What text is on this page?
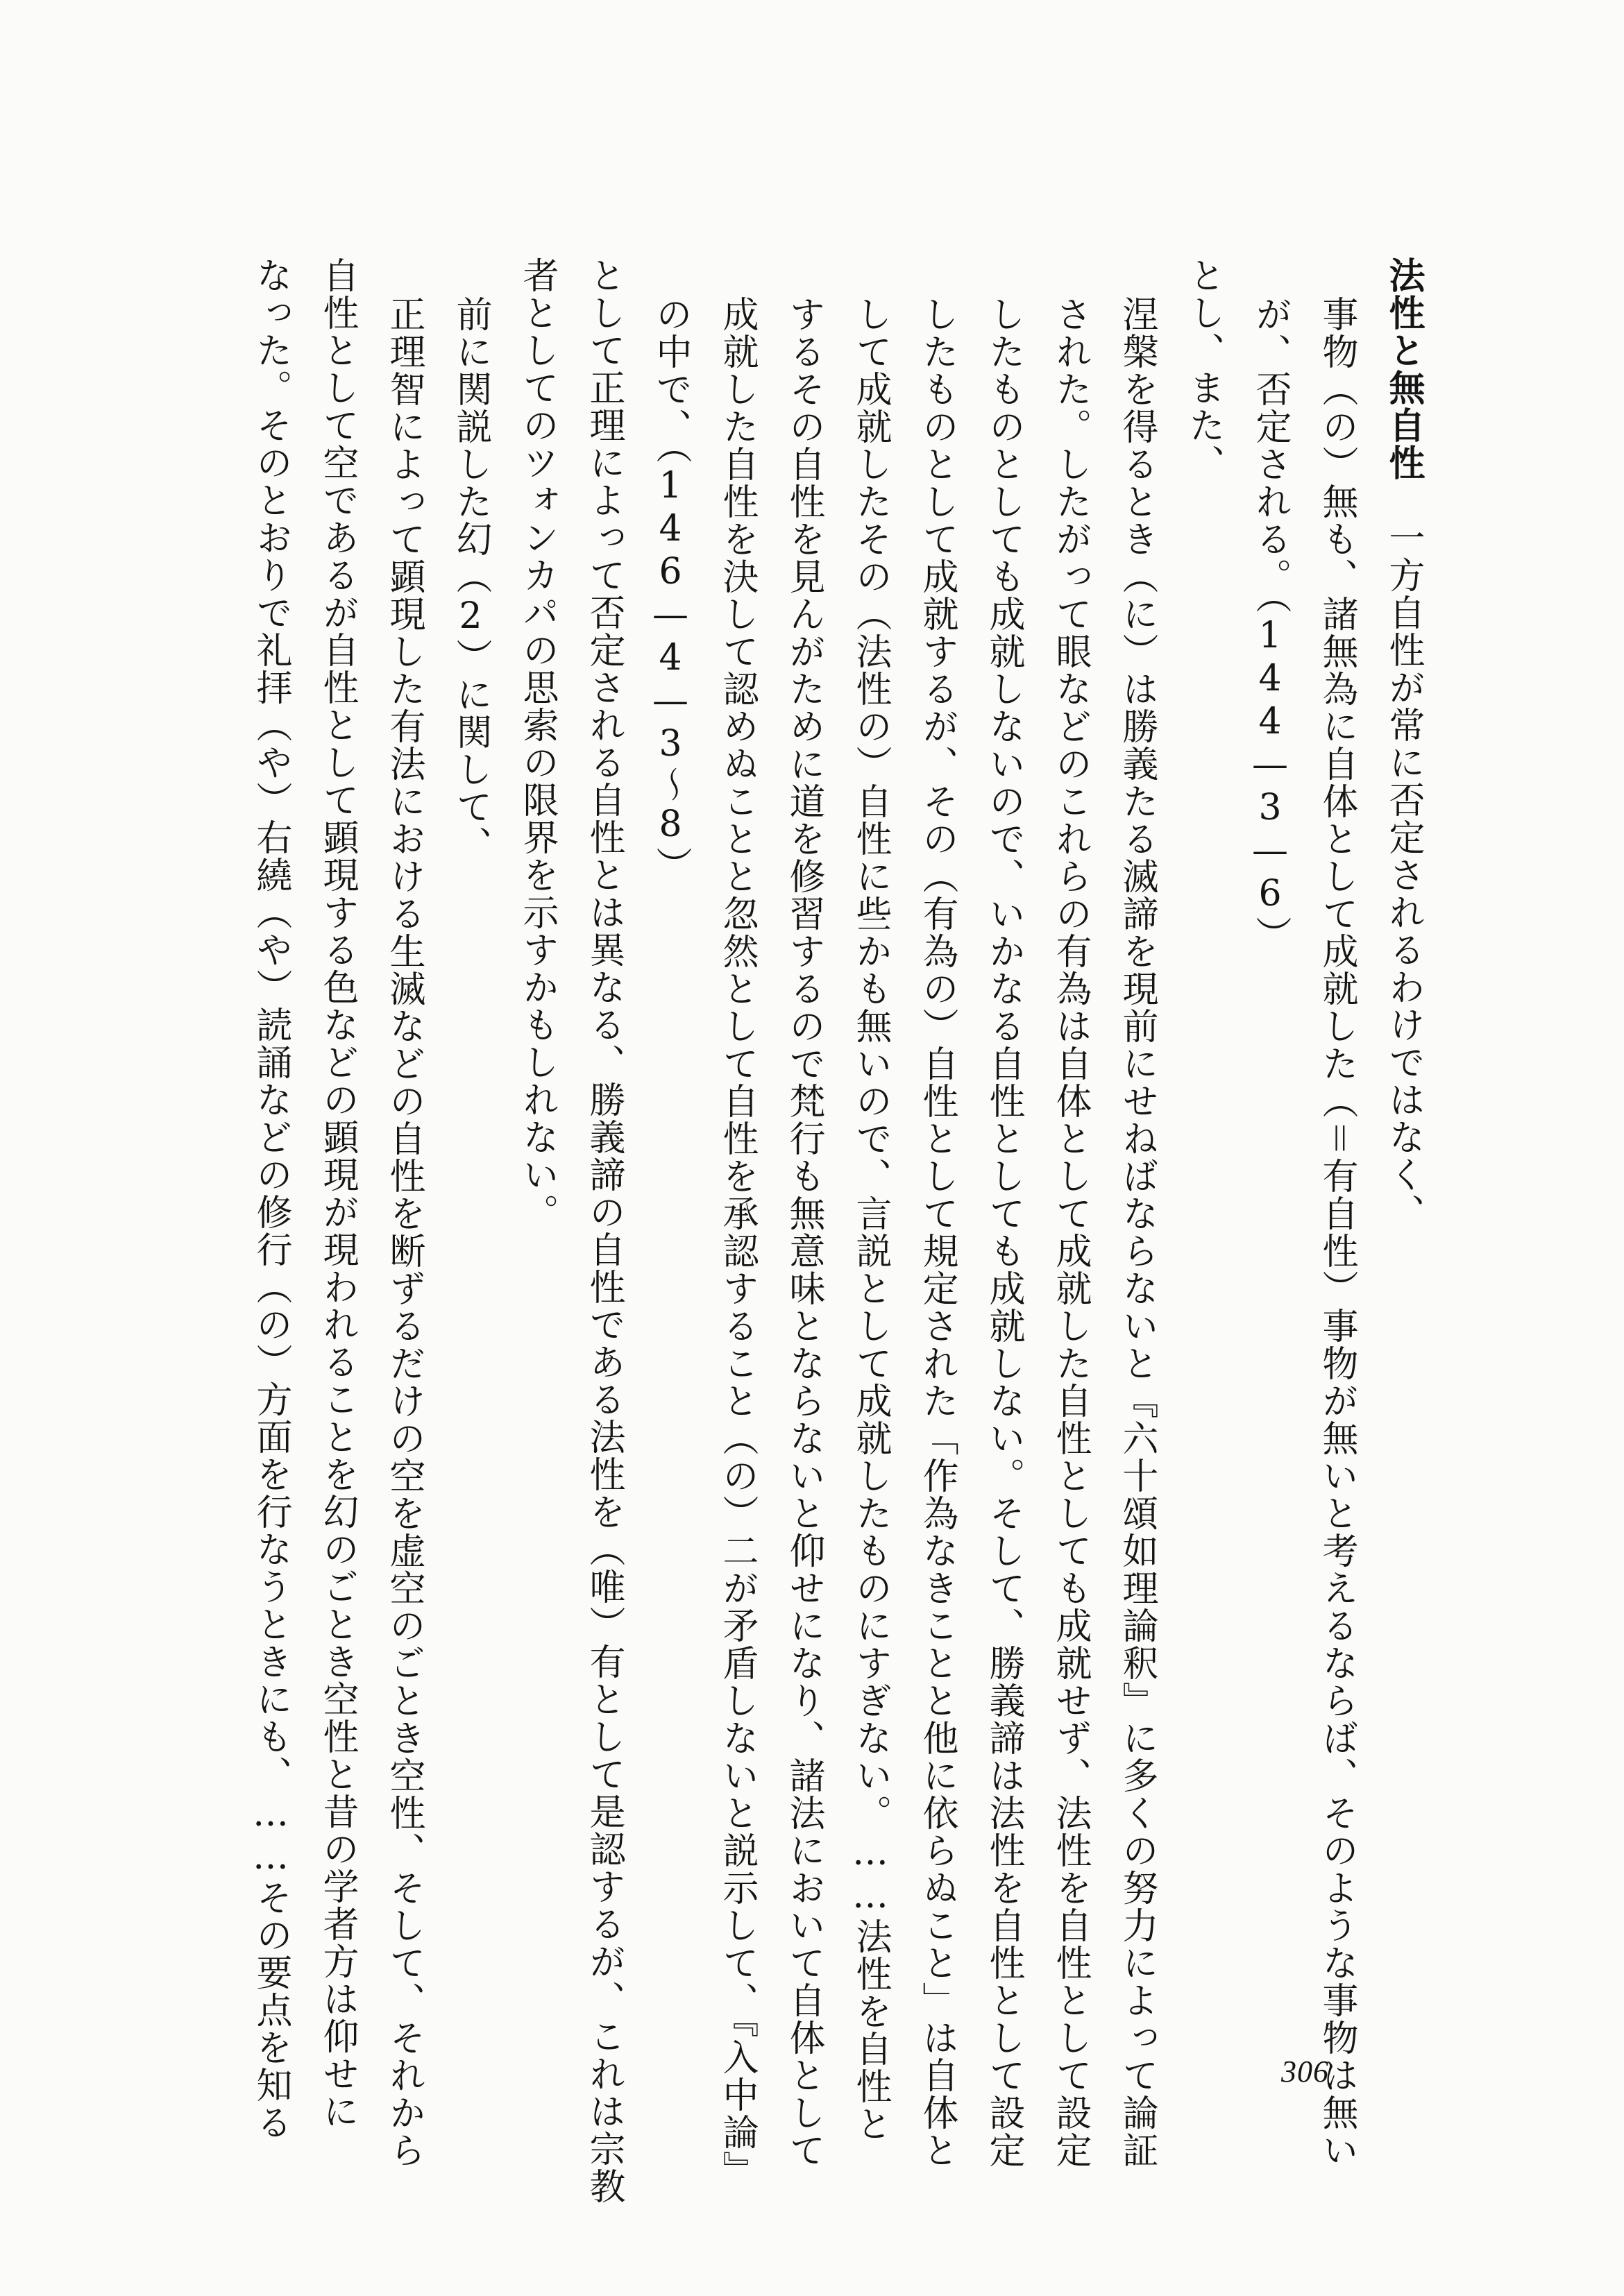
法性と無自性　一方自性が常に否定されるわけではなく、
事物（の）無も、諸無為に自体として成就した（＝有自性）事物が無いと考えるならば、そのような事物は無い
が、否定される。（144—3—6）
とし、また、
涅槃を得るとき（に）は勝義たる滅諦を現前にせねばならないと『六十頌如理論釈』に多くの努力によって論証
された。したがって眼などのこれらの有為は自体として成就した自性としても成就せず、法性を自性として設定
したものとしても成就しないので、いかなる自性としても成就しない。そして、勝義諦は法性を自性として設定
したものとして成就するが、その（有為の）自性として規定された「作為なきことと他に依らぬこと」は自体と
して成就したその（法性の）自性に些かも無いので、言説として成就したものにすぎない。……法性を自性と
するその自性を見んがために道を修習するので梵行も無意味とならないと仰せになり、諸法において自体として
成就した自性を決して認めぬことと忽然として自性を承認すること（の）二が矛盾しないと説示して、『入中論』
の中で、（146—4—3〜8）
として正理によって否定される自性とは異なる、勝義諦の自性である法性を（唯）有として是認するが、これは宗教
者としてのツォンカパの思索の限界を示すかもしれない。
前に関説した幻（2）に関して、
正理智によって顕現した有法における生滅などの自性を断ずるだけの空を虚空のごとき空性、そして、それから
自性として空であるが自性として顕現する色などの顕現が現われることを幻のごとき空性と昔の学者方は仰せに
なった。そのとおりで礼拝（や）右繞（や）読誦などの修行（の）方面を行なうときにも、……その要点を知る	306
